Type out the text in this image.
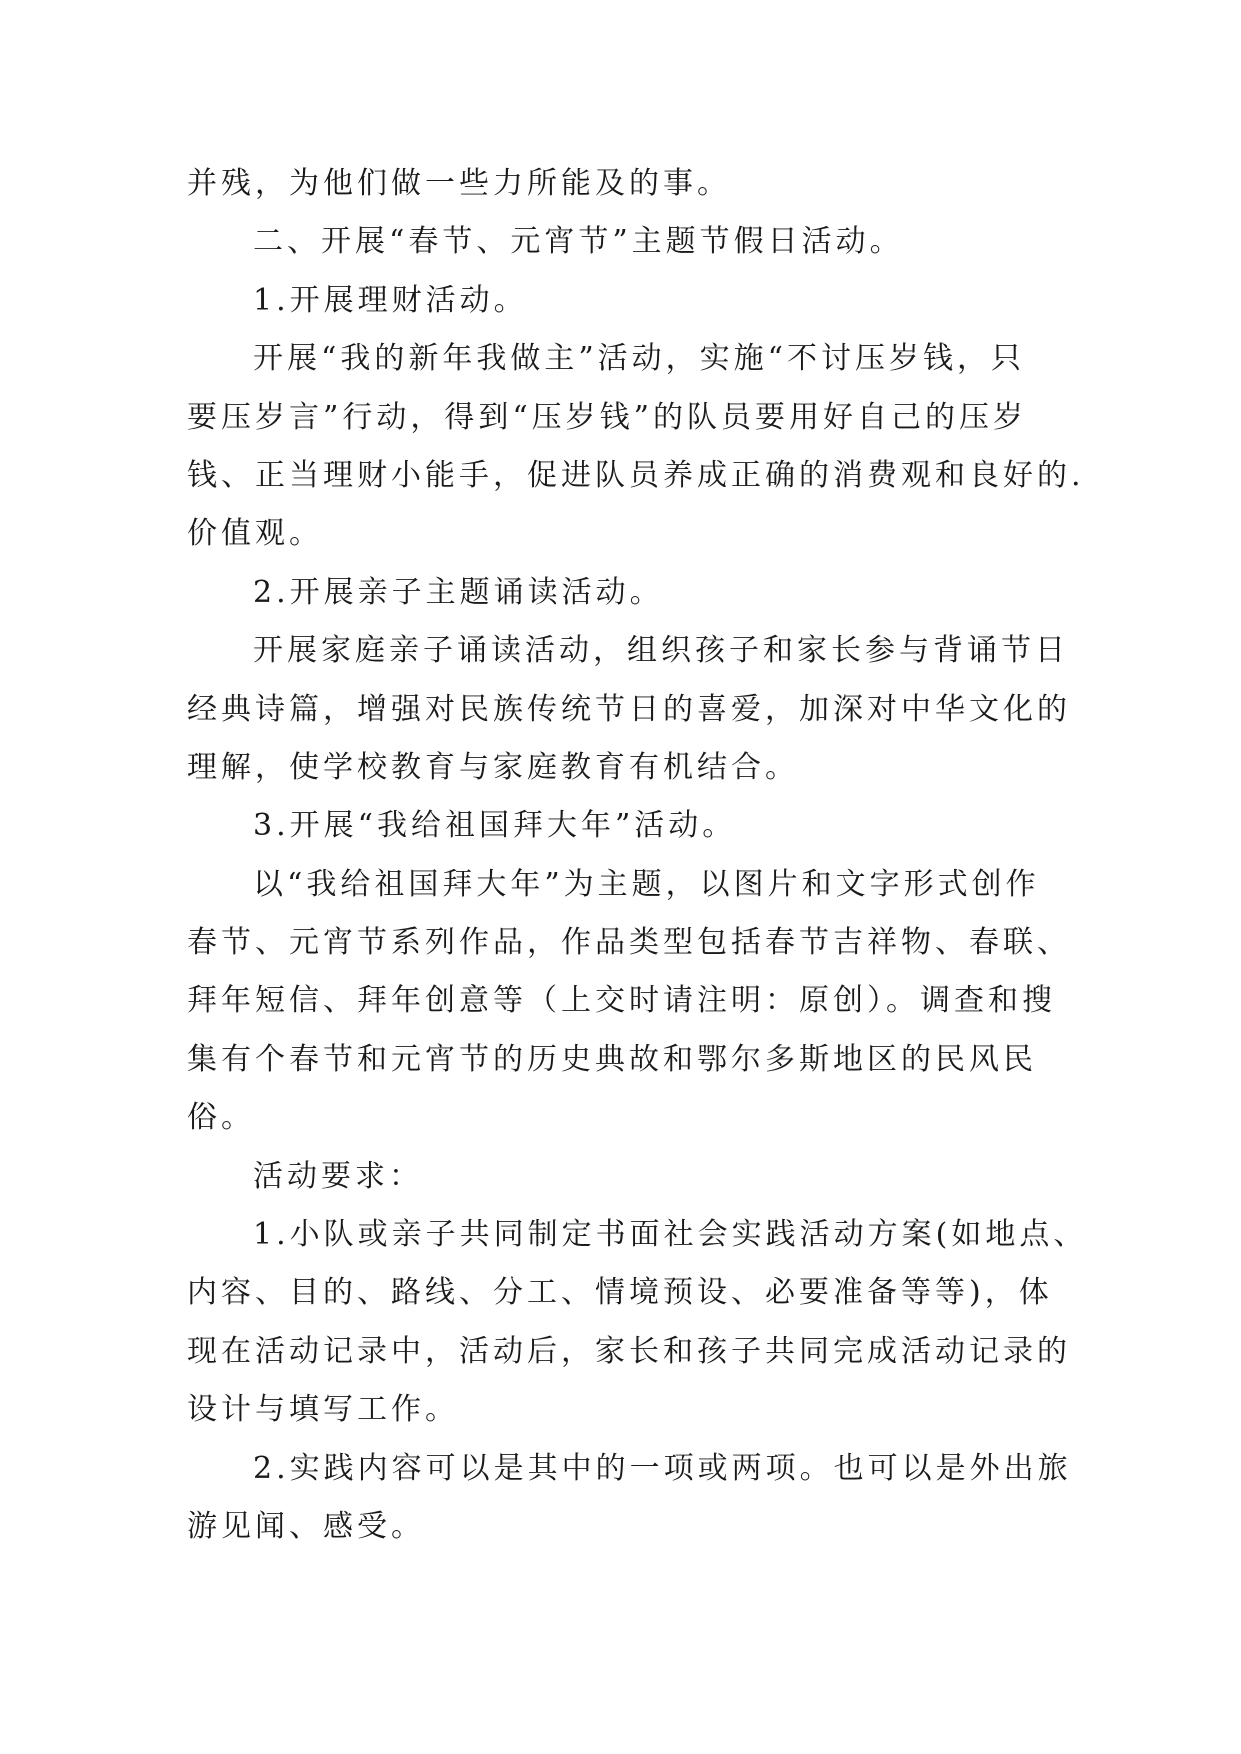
并残，为他们做一些力所能及的事。
二、开展“春节、元宵节”主题节假日活动。
1.开展理财活动。
开展“我的新年我做主”活动，实施“不讨压岁钱，只
要压岁言”行动，得到“压岁钱”的队员要用好自己的压岁
钱、正当理财小能手，促进队员养成正确的消费观和良好的.
价值观。
2.开展亲子主题诵读活动。
开展家庭亲子诵读活动，组织孩子和家长参与背诵节日
经典诗篇，增强对民族传统节日的喜爱，加深对中华文化的
理解，使学校教育与家庭教育有机结合。
3.开展“我给祖国拜大年”活动。
以“我给祖国拜大年”为主题，以图片和文字形式创作
春节、元宵节系列作品，作品类型包括春节吉祥物、春联、
拜年短信、拜年创意等（上交时请注明：原创）。调查和搜
集有个春节和元宵节的历史典故和鄂尔多斯地区的民风民
俗。
活动要求：
1.小队或亲子共同制定书面社会实践活动方案(如地点、
内容、目的、路线、分工、情境预设、必要准备等等)，体
现在活动记录中，活动后，家长和孩子共同完成活动记录的
设计与填写工作。
2.实践内容可以是其中的一项或两项。也可以是外出旅
游见闻、感受。
